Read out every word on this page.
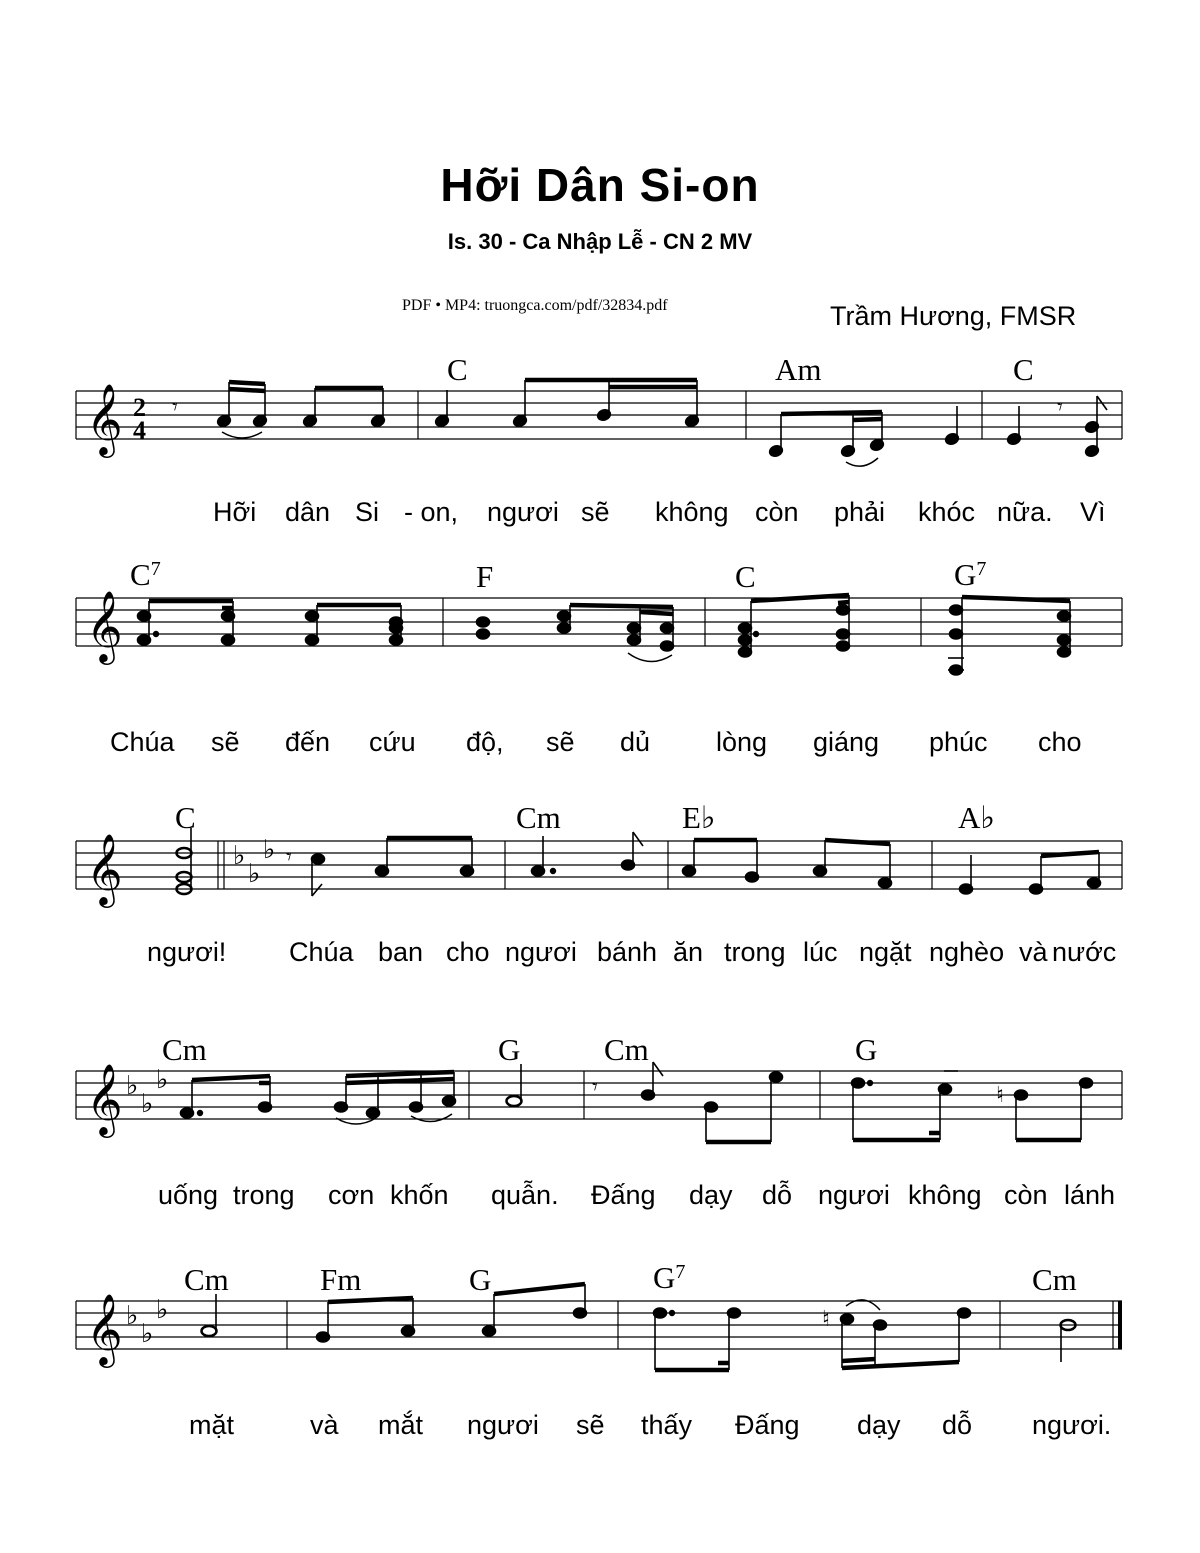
Hỡi Dân Si-on
Is. 30 - Ca Nhập Lễ - CN 2 MV
PDF • MP4: truongca.com/pdf/32834.pdf	Trầm Hương, FMSR
𝄞 2
4
𝄾	𝄾
C	Am	C
Hỡi dân Si - on, ngươi sẽ không còn phải khóc nữa. Vì
𝄞
$C^7$	F	C	$G^7$
Chúa sẽ đến cứu độ, sẽ dủ lòng giáng phúc cho
𝄞	♭
♭
♭ 𝄾
C	Cm	E♭	A♭
ngươi! Chúa ban cho ngươi bánh ăn trong lúc ngặt nghèo và nước
𝄞 ♭
♭
♭
♮
𝄾
Cm	G	Cm	G
uống trong cơn khốn quẫn. Đấng dạy dỗ ngươi không còn lánh
𝄞 ♭
♭
♭	♮
Cm	Fm	G	$G^7$	Cm
mặt	và mắt ngươi sẽ thấy Đấng dạy dỗ ngươi.
